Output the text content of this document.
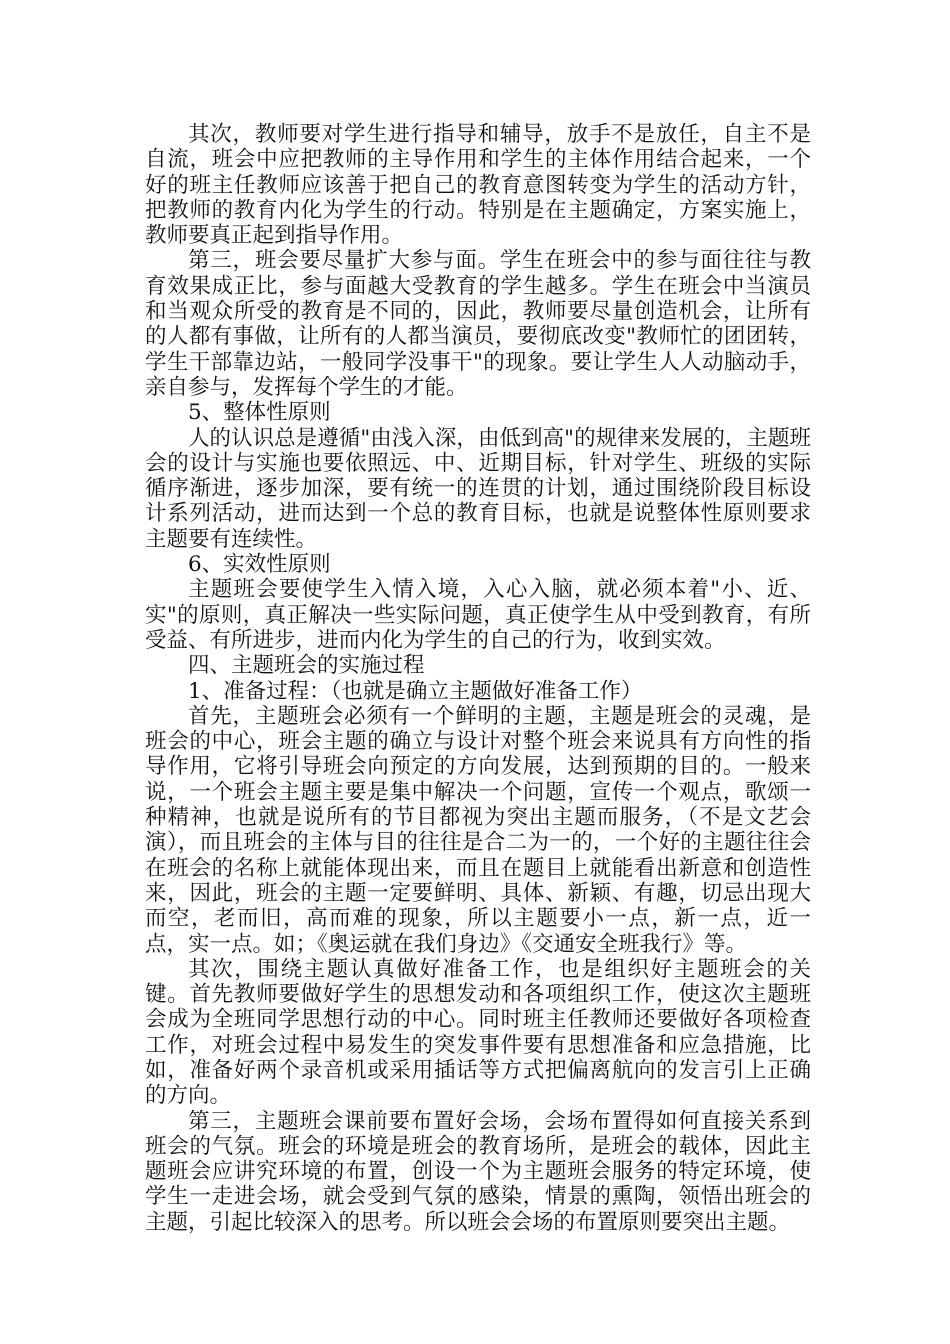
其次，教师要对学生进行指导和辅导，放手不是放任，自主不是自流，班会中应把教师的主导作用和学生的主体作用结合起来，一个好的班主任教师应该善于把自己的教育意图转变为学生的活动方针，把教师的教育内化为学生的行动。特别是在主题确定，方案实施上，教师要真正起到指导作用。

第三，班会要尽量扩大参与面。学生在班会中的参与面往往与教育效果成正比，参与面越大受教育的学生越多。学生在班会中当演员和当观众所受的教育是不同的，因此，教师要尽量创造机会，让所有的人都有事做，让所有的人都当演员，要彻底改变"教师忙的团团转，学生干部靠边站，一般同学没事干"的现象。要让学生人人动脑动手，亲自参与，发挥每个学生的才能。

5、整体性原则

人的认识总是遵循"由浅入深，由低到高"的规律来发展的，主题班会的设计与实施也要依照远、中、近期目标，针对学生、班级的实际循序渐进，逐步加深，要有统一的连贯的计划，通过围绕阶段目标设计系列活动，进而达到一个总的教育目标，也就是说整体性原则要求主题要有连续性。

6、实效性原则

主题班会要使学生入情入境，入心入脑，就必须本着"小、近、实"的原则，真正解决一些实际问题，真正使学生从中受到教育，有所受益、有所进步，进而内化为学生的自己的行为，收到实效。

四、主题班会的实施过程

1、准备过程：（也就是确立主题做好准备工作）

首先，主题班会必须有一个鲜明的主题，主题是班会的灵魂，是班会的中心，班会主题的确立与设计对整个班会来说具有方向性的指导作用，它将引导班会向预定的方向发展，达到预期的目的。一般来说，一个班会主题主要是集中解决一个问题，宣传一个观点，歌颂一种精神，也就是说所有的节目都视为突出主题而服务，（不是文艺会演），而且班会的主体与目的往往是合二为一的，一个好的主题往往会在班会的名称上就能体现出来，而且在题目上就能看出新意和创造性来，因此，班会的主题一定要鲜明、具体、新颖、有趣，切忌出现大而空，老而旧，高而难的现象，所以主题要小一点，新一点，近一点，实一点。如；《奥运就在我们身边》《交通安全班我行》等。

其次，围绕主题认真做好准备工作，也是组织好主题班会的关键。首先教师要做好学生的思想发动和各项组织工作，使这次主题班会成为全班同学思想行动的中心。同时班主任教师还要做好各项检查工作，对班会过程中易发生的突发事件要有思想准备和应急措施，比如，准备好两个录音机或采用插话等方式把偏离航向的发言引上正确的方向。

第三，主题班会课前要布置好会场，会场布置得如何直接关系到班会的气氛。班会的环境是班会的教育场所，是班会的载体，因此主题班会应讲究环境的布置，创设一个为主题班会服务的特定环境，使学生一走进会场，就会受到气氛的感染，情景的熏陶，领悟出班会的主题，引起比较深入的思考。所以班会会场的布置原则要突出主题。
